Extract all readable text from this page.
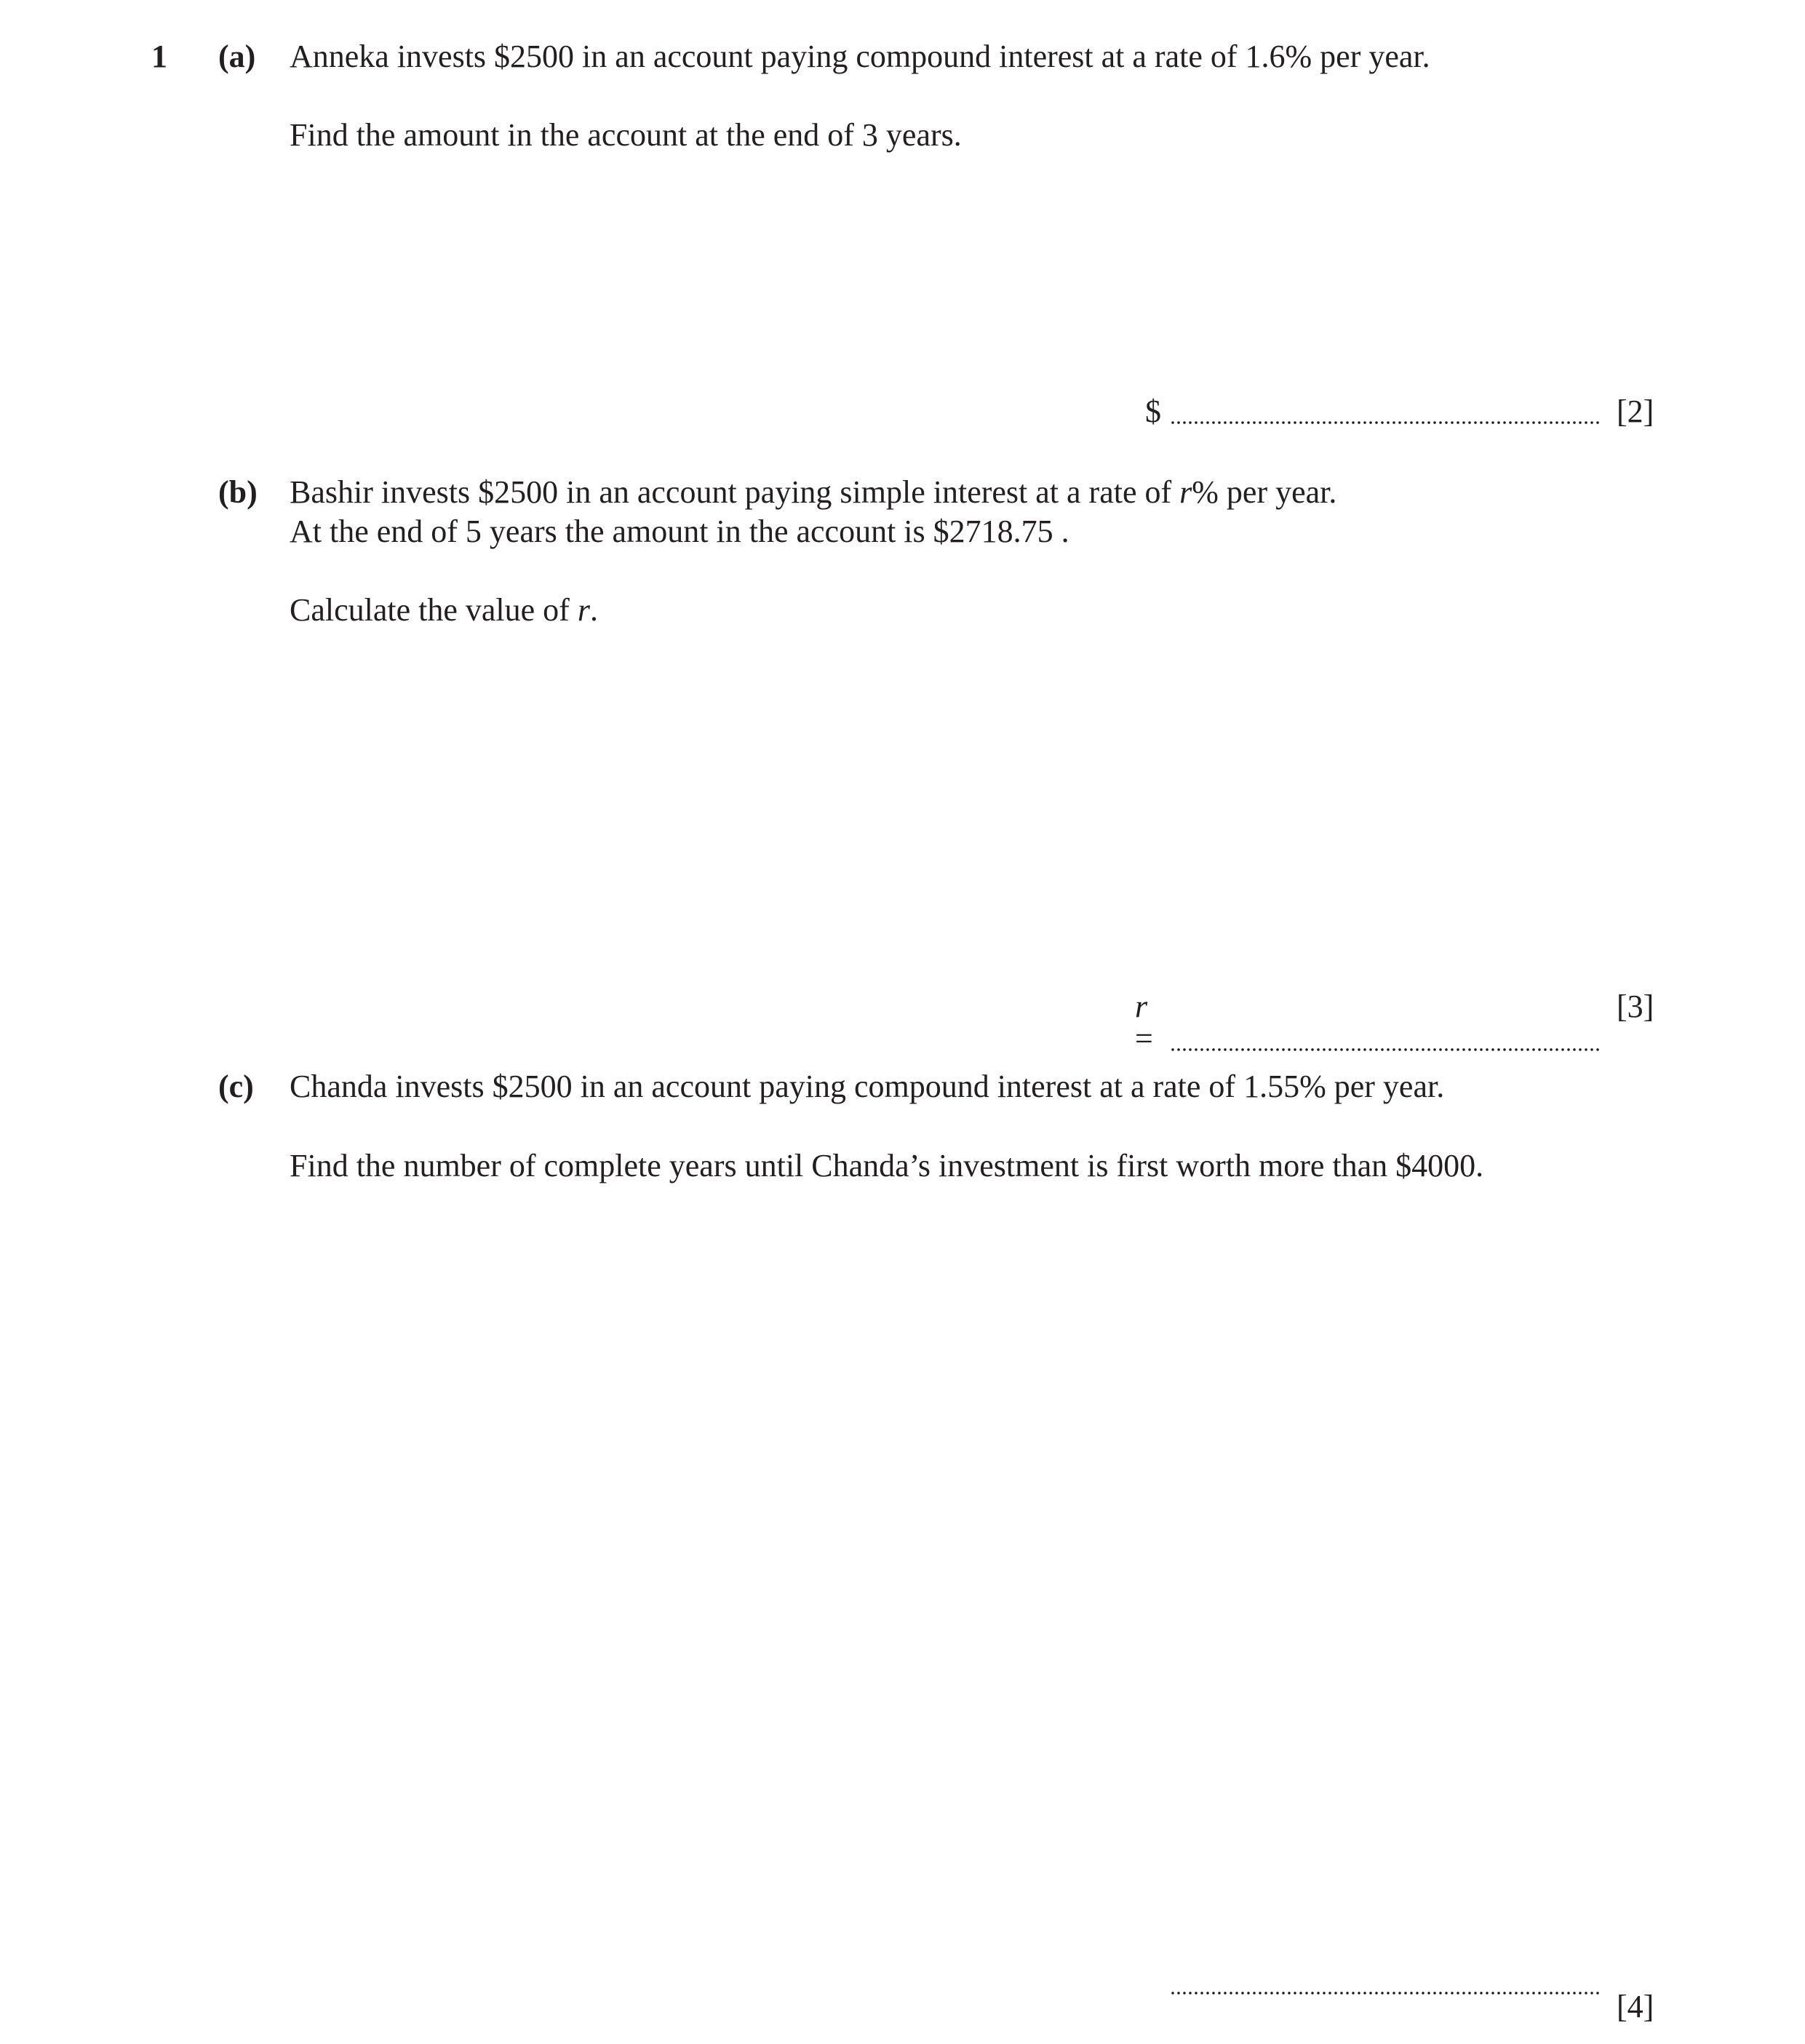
1 (a) Anneka invests $2500 in an account paying compound interest at a rate of 1.6% per year.
Find the amount in the account at the end of 3 years.
$	[2]
(b) Bashir invests $2500 in an account paying simple interest at a rate of r% per year.
At the end of 5 years the amount in the account is $2718.75 .
Calculate the value of r.
r =
[3]
(c) Chanda invests $2500 in an account paying compound interest at a rate of 1.55% per year.
Find the number of complete years until Chanda’s investment is first worth more than $4000.
[4]
